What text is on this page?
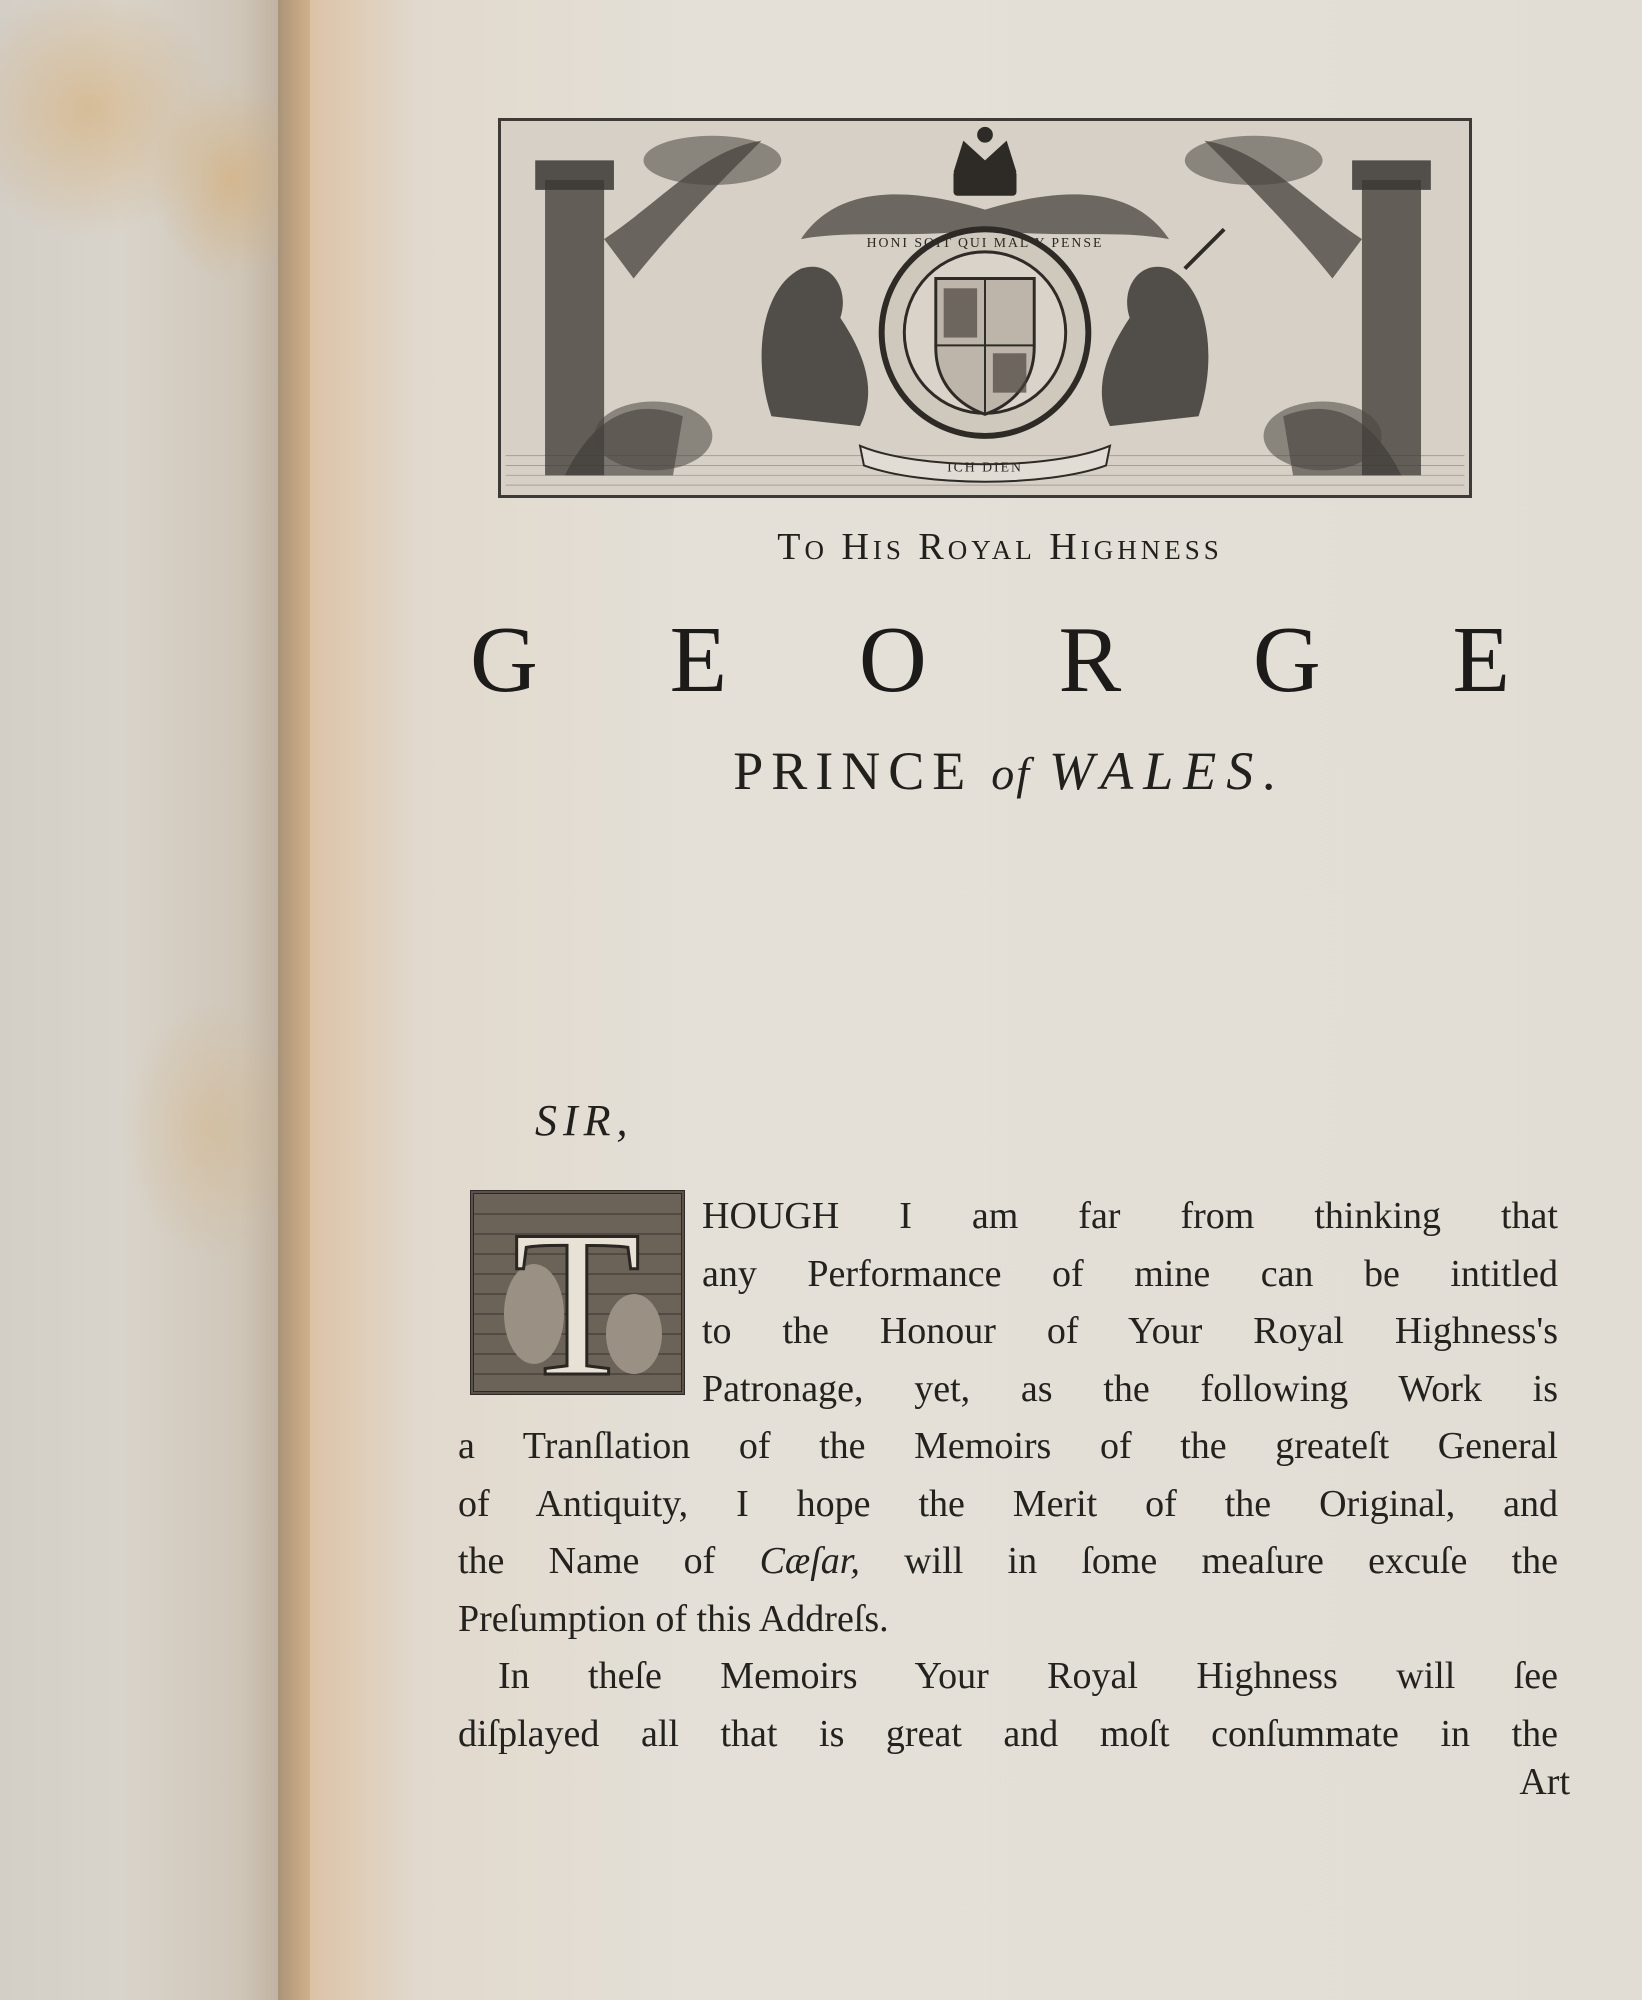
ICH DIEN
HONI SOIT QUI MAL Y PENSE
To His Royal Highness
G E O R G E
PRINCE of WALES.
SIR,
T	HOUGH I am far from thinking that
any Performance of mine can be intitled
to the Honour of Your Royal Highness's
Patronage, yet, as the following Work is
a Tranſlation of the Memoirs of the greateſt General
of Antiquity, I hope the Merit of the Original, and
the Name of Cæſar, will in ſome meaſure excuſe the
Preſumption of this Addreſs.
In theſe Memoirs Your Royal Highness will ſee
diſplayed all that is great and moſt conſummate in the
Art
